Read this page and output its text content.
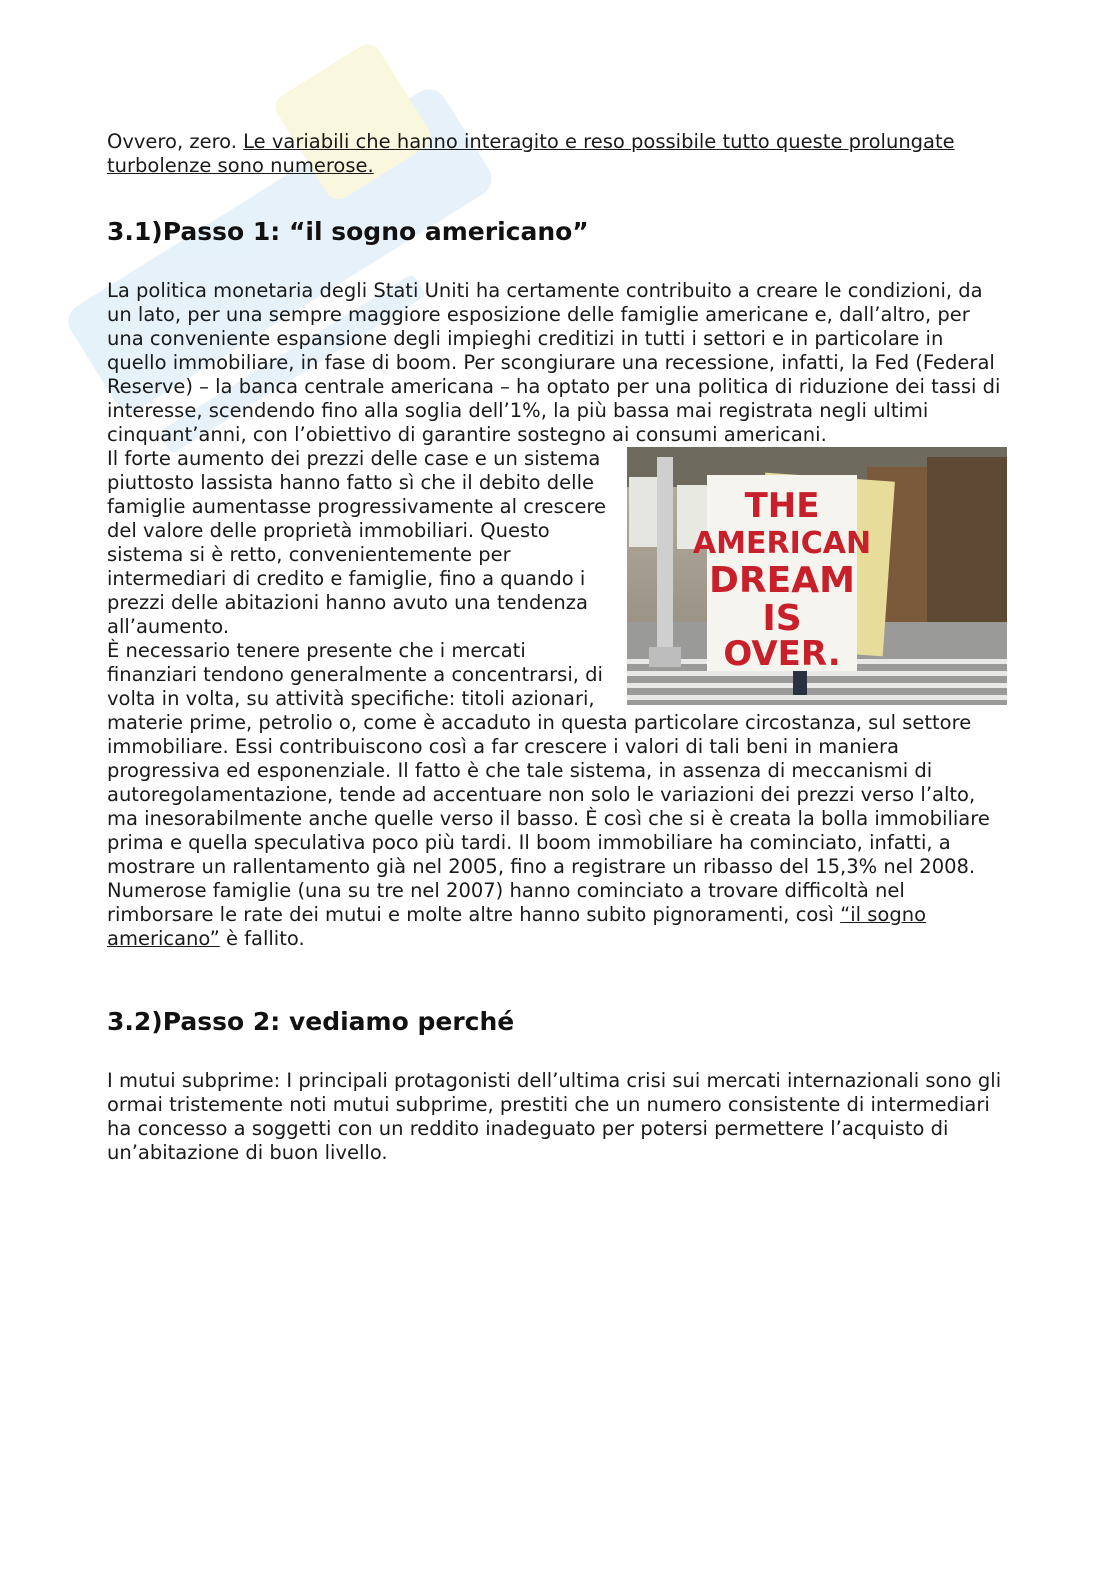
Ovvero, zero. Le variabili che hanno interagito e reso possibile tutto queste prolungate turbolenze sono numerose.

3.1)Passo 1: “il sogno americano”

La politica monetaria degli Stati Uniti ha certamente contribuito a creare le condizioni, da un lato, per una sempre maggiore esposizione delle famiglie americane e, dall’altro, per una conveniente espansione degli impieghi creditizi in tutti i settori e in particolare in quello immobiliare, in fase di boom. Per scongiurare una recessione, infatti, la Fed (Federal Reserve) – la banca centrale americana – ha optato per una politica di riduzione dei tassi di interesse, scendendo fino alla soglia dell’1%, la più bassa mai registrata negli ultimi cinquant’anni, con l’obiettivo di garantire sostegno ai consumi americani.

THE
AMERICAN
DREAM
IS
OVER.

Il forte aumento dei prezzi delle case e un sistema piuttosto lassista hanno fatto sì che il debito delle famiglie aumentasse progressivamente al crescere del valore delle proprietà immobiliari. Questo sistema si è retto, convenientemente per intermediari di credito e famiglie, fino a quando i prezzi delle abitazioni hanno avuto una tendenza all’aumento.

È necessario tenere presente che i mercati finanziari tendono generalmente a concentrarsi, di volta in volta, su attività specifiche: titoli azionari, materie prime, petrolio o, come è accaduto in questa particolare circostanza, sul settore immobiliare. Essi contribuiscono così a far crescere i valori di tali beni in maniera progressiva ed esponenziale. Il fatto è che tale sistema, in assenza di meccanismi di autoregolamentazione, tende ad accentuare non solo le variazioni dei prezzi verso l’alto, ma inesorabilmente anche quelle verso il basso. È così che si è creata la bolla immobiliare prima e quella speculativa poco più tardi. Il boom immobiliare ha cominciato, infatti, a mostrare un rallentamento già nel 2005, fino a registrare un ribasso del 15,3% nel 2008. Numerose famiglie (una su tre nel 2007) hanno cominciato a trovare difficoltà nel rimborsare le rate dei mutui e molte altre hanno subito pignoramenti, così “il sogno americano” è fallito.

3.2)Passo 2: vediamo perché

I mutui subprime: I principali protagonisti dell’ultima crisi sui mercati internazionali sono gli ormai tristemente noti mutui subprime, prestiti che un numero consistente di intermediari ha concesso a soggetti con un reddito inadeguato per potersi permettere l’acquisto di un’abitazione di buon livello.
